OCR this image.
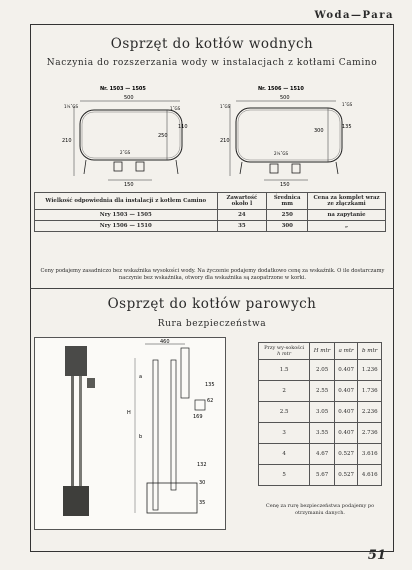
Woda—Para
Osprzęt do kotłów wodnych
Naczynia do rozszerzania wody w instalacjach z kotłami Camino
Nr. 1503 — 1505
500
250
110
210
1¼˝GS	1˝GS
2˝GS
150
Nr. 1506 — 1510
500
300
135
210
1˝GS
1˝GS
2¼˝GS
150
Wielkość odpowiednia dla instalacji z kotłem Camino	Zawartość około l	Średnica mm	Cena za komplet wraz ze złączkami
Nry 1503 — 1505	24	250	na zapytanie
Nry 1506 — 1510	35	300	„
Ceny podajemy zasadniczo bez wskaźnika wysokości wody. Na życzenie podajemy dodatkowo cenę za wskaźnik. O ile dostarczamy naczynie bez wskaźnika, otwory dla wskaźnika są zaopatrzone w korki.
Osprzęt do kotłów parowych
Rura bezpieczeństwa
460
a
b
H
135
62
169
132
30
35
Przy wy-sokości
h mtr	H mtr	a mtr	b mtr
1.5	2.05	0.407	1.236
2	2.55	0.407	1.736
2.5	3.05	0.407	2.236
3	3.55	0.407	2.736
4	4.67	0.527	3.616
5	5.67	0.527	4.616
Cenę za rurę bezpieczeństwa podajemy po otrzymaniu danych.
51
